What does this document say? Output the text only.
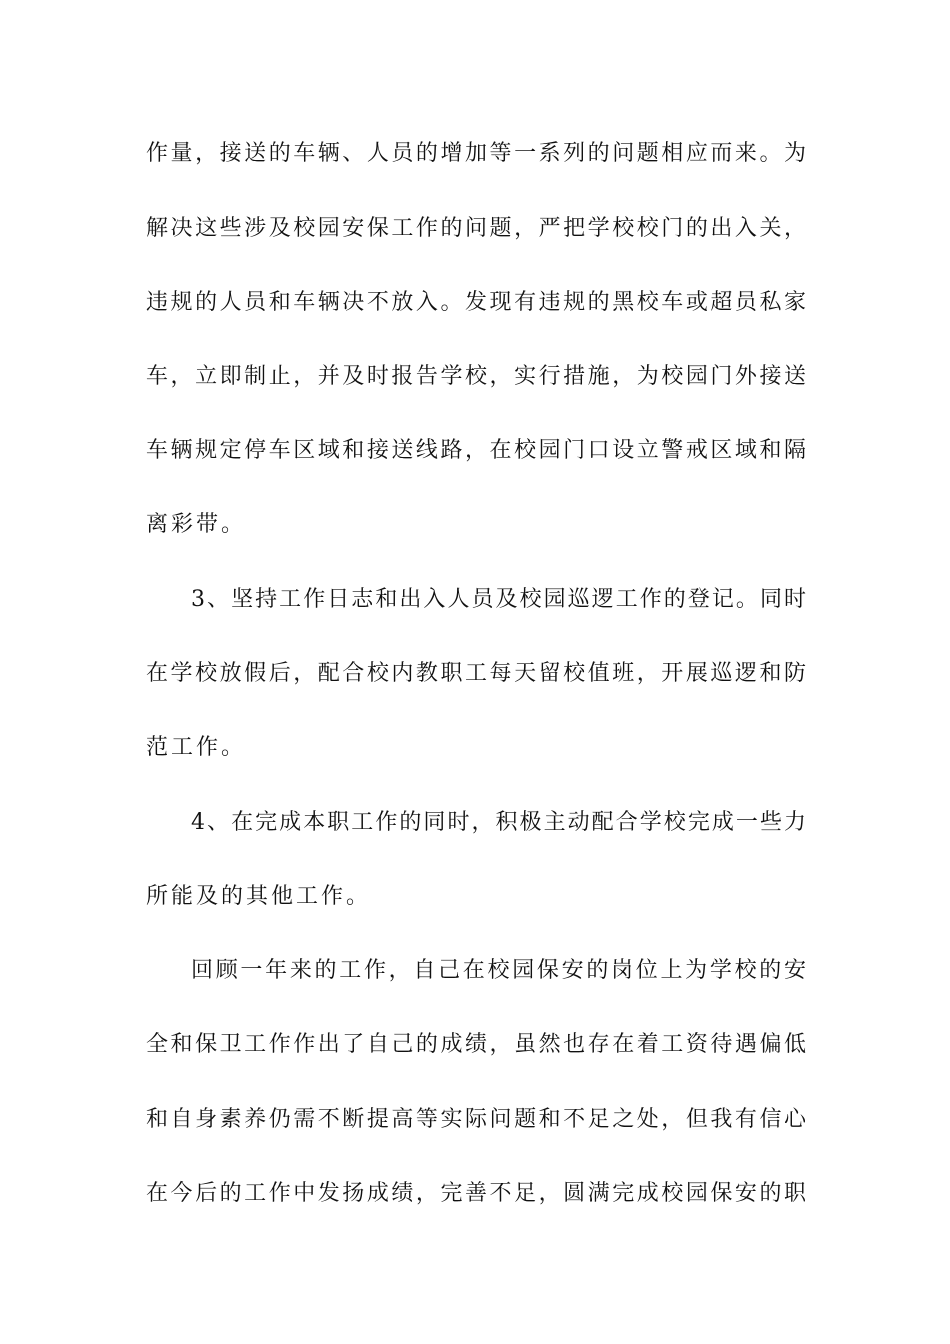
作量，接送的车辆、人员的增加等一系列的问题相应而来。为
解决这些涉及校园安保工作的问题，严把学校校门的出入关，
违规的人员和车辆决不放入。发现有违规的黑校车或超员私家
车，立即制止，并及时报告学校，实行措施，为校园门外接送
车辆规定停车区域和接送线路，在校园门口设立警戒区域和隔
离彩带。
3、坚持工作日志和出入人员及校园巡逻工作的登记。同时
在学校放假后，配合校内教职工每天留校值班，开展巡逻和防
范工作。
4、在完成本职工作的同时，积极主动配合学校完成一些力
所能及的其他工作。
回顾一年来的工作，自己在校园保安的岗位上为学校的安
全和保卫工作作出了自己的成绩，虽然也存在着工资待遇偏低
和自身素养仍需不断提高等实际问题和不足之处，但我有信心
在今后的工作中发扬成绩，完善不足，圆满完成校园保安的职
